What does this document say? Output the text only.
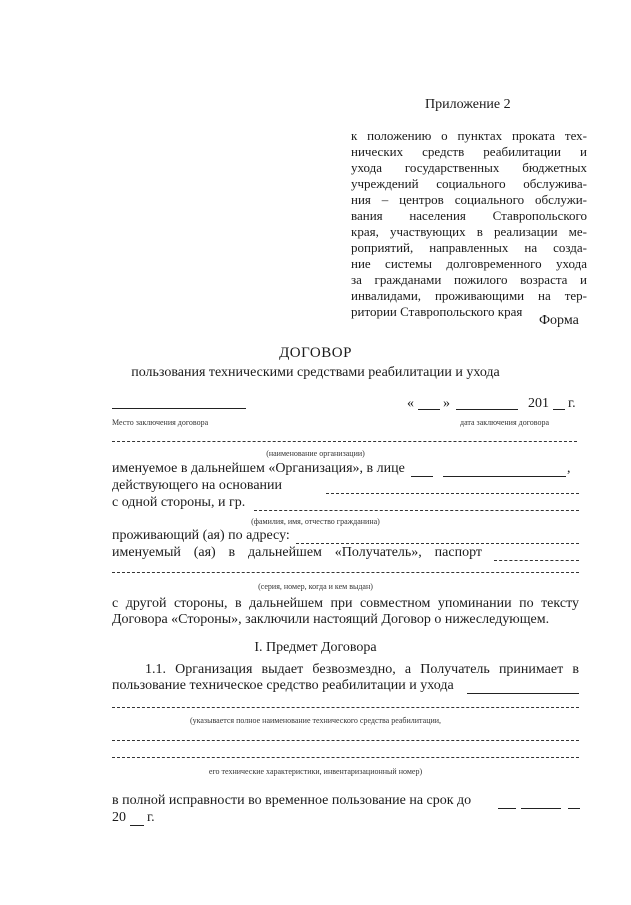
Приложение 2
к положению о пунктах проката тех-
нических средств реабилитации и
ухода государственных бюджетных
учреждений социального обслужива-
ния – центров социального обслужи-
вания населения Ставропольского
края, участвующих в реализации ме-
роприятий, направленных на созда-
ние системы долговременного ухода
за гражданами пожилого возраста и
инвалидами, проживающими на тер-
ритории Ставропольского края
Форма
ДОГОВОР
пользования техническими средствами реабилитации и ухода
« »	201 г.
Место заключения договора	дата заключения договора
(наименование организации)
именуемое в дальнейшем «Организация», в лице	,
действующего на основании
с одной стороны, и гр.
(фамилия, имя, отчество гражданина)
проживающий (ая) по адресу:
именуемый (ая) в дальнейшем «Получатель», паспорт
(серия, номер, когда и кем выдан)
с другой стороны, в дальнейшем при совместном упоминании по тексту
Договора «Стороны», заключили настоящий Договор о нижеследующем.
I. Предмет Договора
1.1. Организация выдает безвозмездно, а Получатель принимает в
пользование техническое средство реабилитации и ухода
(указывается полное наименование технического средства реабилитации,
его технические характеристики, инвентаризационный номер)
в полной исправности во временное пользование на срок до
20 г.
